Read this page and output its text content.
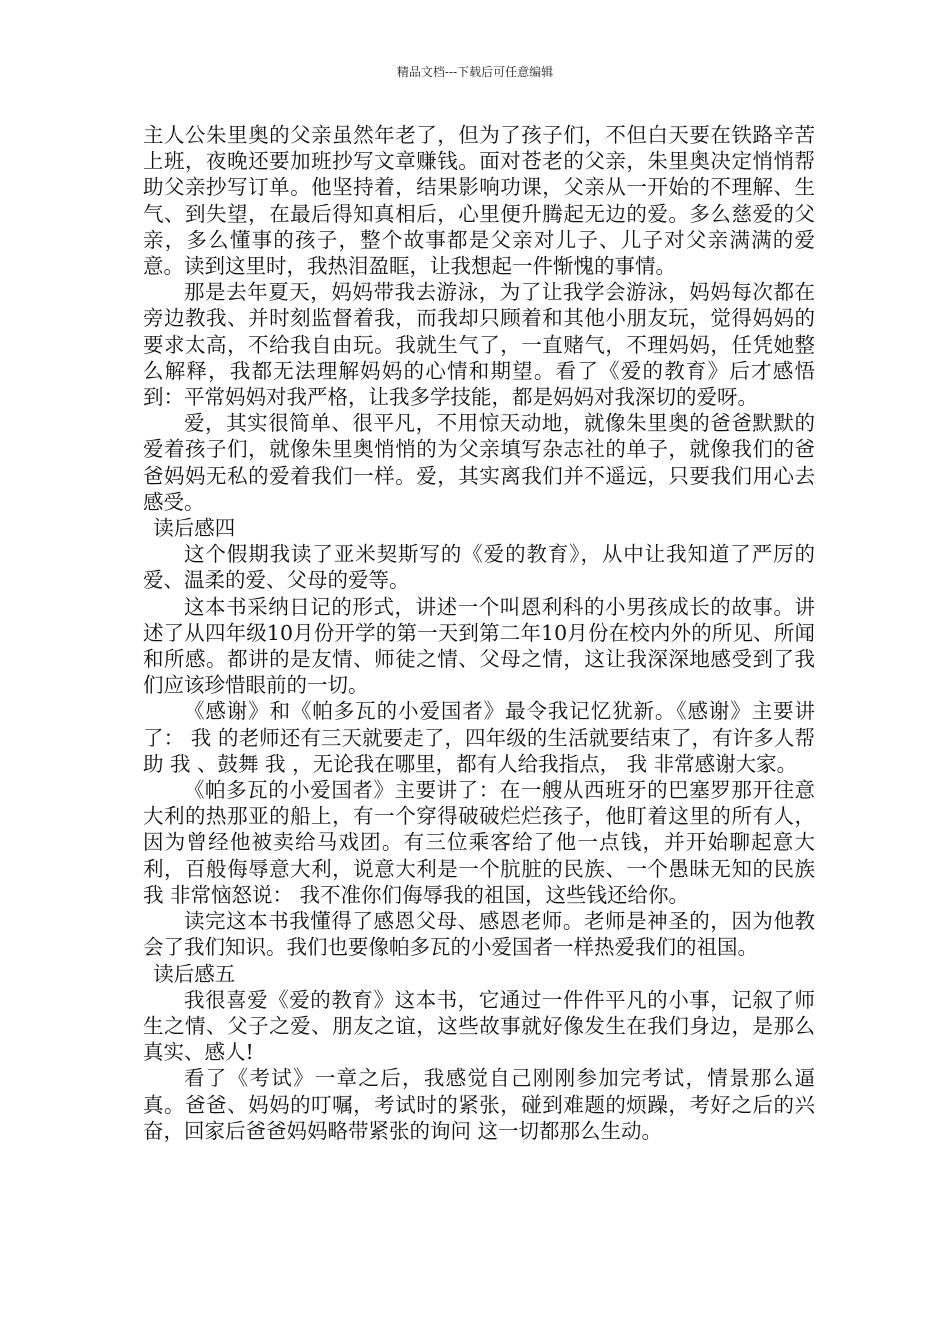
精品文档---下载后可任意编辑

主人公朱里奥的父亲虽然年老了，但为了孩子们，不但白天要在铁路辛苦上班，夜晚还要加班抄写文章赚钱。面对苍老的父亲，朱里奥决定悄悄帮助父亲抄写订单。他坚持着，结果影响功课，父亲从一开始的不理解、生气、到失望，在最后得知真相后，心里便升腾起无边的爱。多么慈爱的父亲，多么懂事的孩子，整个故事都是父亲对儿子、儿子对父亲满满的爱意。读到这里时，我热泪盈眶，让我想起一件惭愧的事情。

那是去年夏天，妈妈带我去游泳，为了让我学会游泳，妈妈每次都在旁边教我、并时刻监督着我，而我却只顾着和其他小朋友玩，觉得妈妈的要求太高，不给我自由玩。我就生气了，一直赌气，不理妈妈，任凭她整么解释，我都无法理解妈妈的心情和期望。看了《爱的教育》后才感悟到：平常妈妈对我严格，让我多学技能，都是妈妈对我深切的爱呀。

爱，其实很简单、很平凡，不用惊天动地，就像朱里奥的爸爸默默的爱着孩子们，就像朱里奥悄悄的为父亲填写杂志社的单子，就像我们的爸爸妈妈无私的爱着我们一样。爱，其实离我们并不遥远，只要我们用心去感受。

读后感四

这个假期我读了亚米契斯写的《爱的教育》，从中让我知道了严厉的爱、温柔的爱、父母的爱等。

这本书采纳日记的形式，讲述一个叫恩利科的小男孩成长的故事。讲述了从四年级10月份开学的第一天到第二年10月份在校内外的所见、所闻和所感。都讲的是友情、师徒之情、父母之情，这让我深深地感受到了我们应该珍惜眼前的一切。

《感谢》和《帕多瓦的小爱国者》最令我记忆犹新。《感谢》主要讲了： 我 的老师还有三天就要走了，四年级的生活就要结束了，有许多人帮助 我 、鼓舞 我 ，无论我在哪里，都有人给我指点， 我 非常感谢大家。

《帕多瓦的小爱国者》主要讲了：在一艘从西班牙的巴塞罗那开往意大利的热那亚的船上，有一个穿得破破烂烂孩子，他盯着这里的所有人，因为曾经他被卖给马戏团。有三位乘客给了他一点钱，并开始聊起意大利，百般侮辱意大利，说意大利是一个肮脏的民族、一个愚昧无知的民族 我 非常恼怒说： 我不准你们侮辱我的祖国，这些钱还给你。

读完这本书我懂得了感恩父母、感恩老师。老师是神圣的，因为他教会了我们知识。我们也要像帕多瓦的小爱国者一样热爱我们的祖国。

读后感五

我很喜爱《爱的教育》这本书，它通过一件件平凡的小事，记叙了师生之情、父子之爱、朋友之谊，这些故事就好像发生在我们身边，是那么真实、感人!

看了《考试》一章之后，我感觉自己刚刚参加完考试，情景那么逼真。爸爸、妈妈的叮嘱，考试时的紧张，碰到难题的烦躁，考好之后的兴奋，回家后爸爸妈妈略带紧张的询问 这一切都那么生动。
